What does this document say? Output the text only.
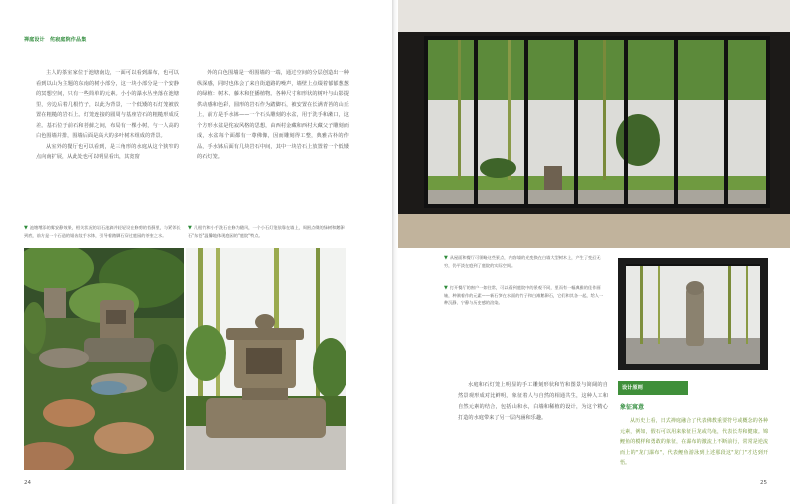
禅庭设计　侘寂庭院作品集

主人的茶室家位于池塘南边，一面可以看到瀑布，也可以看到以山为主题的东南的树小部分，这一块小部分是一个安静的冥想空间，只有一些简单的元素。小小的瀑水丛坐落在池塘里，旁边后着几根竹子，以此为背景，一个低矮的石灯笼被放置在粗糙的岩石上。灯笼连接的圆周与基座岩石的粗糙形成反差。基石位于前石和苔藓之间，布局有一棵小树，与一人高的白色围墙并排，围墙后面是高大的多叶树木组成的背景。

从室外的餐厅也可以看到，是三角形的水庭从这个狭窄的点向南扩展，从此处也可以明显看出，其宽窗

外的白色围墙是一组围墙的一端，通过空间的分层创造出一种纵深感，同时也体会了来自街道路的噪声，墙壁上点缀着郁郁葱葱的绿植：树木、藤木和狂播植物。各种尺寸和形状的树叶与山影提供动感和色彩，圆形的岩石作为踏脚石，被安置在长满青苔的山丘上，前方是手水钵——一个石头雕刻的水盆，用于洗手和漱口，这个方形水盆是侘寂风格的思想，由西村金藏和西村大藏父子雕刻而成，水盆每个面都有一尊佛像，因而雕刻得工整，典雅古朴的作品，手水钵后面有几块岩石中间，其中一块岩石上放置着一个低矮的石灯笼。

▼ 池塘增添的雾安静效果，相关状况的岩石池滴并轻轻设在修剪的苔藓里，与紧邻长到底，前方是一个石造的锯齿纹手水钵，引导着踏脚石穿过庭园的茶室之水。
▼ 几根竹和小手洗石在修为随风，一个小石灯笼依靠在墙上，周围点缀的绿树和鹅卵石"东苍"温馨地体现庭园的"庭院"特点。
24
▼ 从屋面和餐厅可领略这些景点，内容墙的光变换在白墙大型树木上，产生了变幻无穷，仍平淡在庭到了庭院的实际空间。
▼ 打开餐厅的窗户一如往常，可以看到庭院中的景观不同，里而有一幅典雅的佳作画轴，种满着作的元素——新石笋在水面的竹子和白滩鹅卵石，它们和其各一起，给人一种沉静、宁静与历史感的渲染。

水庭和石灯笼上明显的手工雕刻形状和竹和图景与简阔的自然景观形成对比鲜明，象征着人与自然的相通共生，这种人工和自然元素的结合，包括山和水，白墙和稀植的设计，为这个精心打造的水庭带来了另一层内涵和乐趣。

设计原则
象征寓意

从历史上看，日式禅庭融合了代表佛教重要符号或概念的各种元素，例如，假石可以用来象征巨龙或鸟龟，代表长寿和健康。锦鲤鱼的模样和勇敢的象征，在瀑布的激流上不断前行，常常是逆流而上的"龙门瀑布"，代表鲤鱼游泳到上述那段这"龙门"才达到开悟。

25
